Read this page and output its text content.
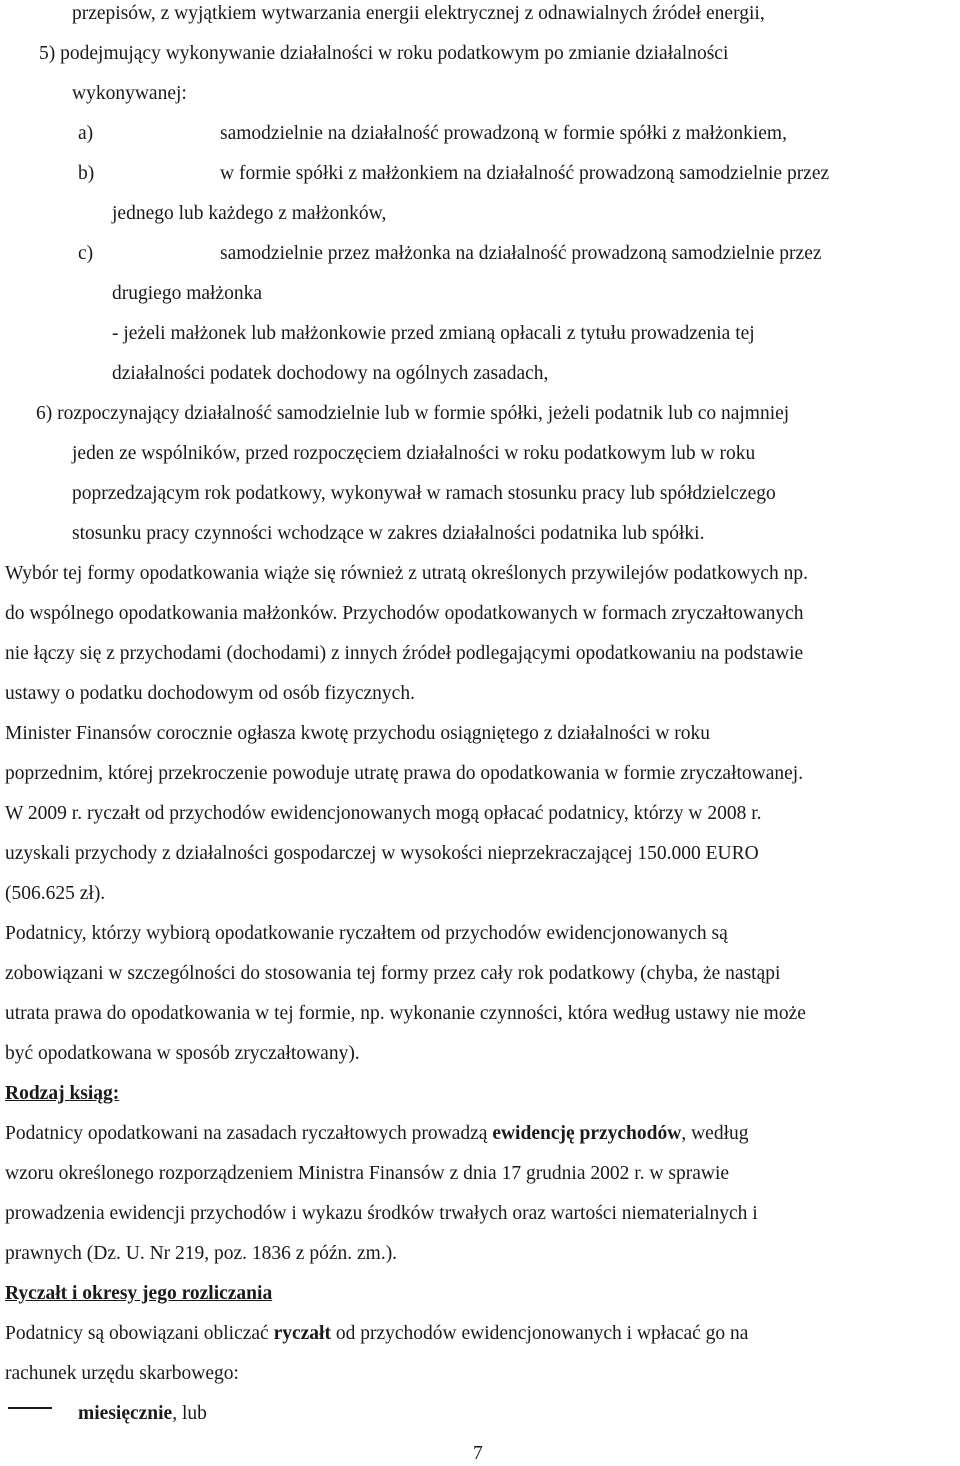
przepisów, z wyjątkiem wytwarzania energii elektrycznej z odnawialnych źródeł energii,
5) podejmujący wykonywanie działalności w roku podatkowym po zmianie działalności
wykonywanej:
a)	samodzielnie na działalność prowadzoną w formie spółki z małżonkiem,
b)	w formie spółki z małżonkiem na działalność prowadzoną samodzielnie przez
jednego lub każdego z małżonków,
c)	samodzielnie przez małżonka na działalność prowadzoną samodzielnie przez
drugiego małżonka
- jeżeli małżonek lub małżonkowie przed zmianą opłacali z tytułu prowadzenia tej
działalności podatek dochodowy na ogólnych zasadach,
6) rozpoczynający działalność samodzielnie lub w formie spółki, jeżeli podatnik lub co najmniej
jeden ze wspólników, przed rozpoczęciem działalności w roku podatkowym lub w roku
poprzedzającym rok podatkowy, wykonywał w ramach stosunku pracy lub spółdzielczego
stosunku pracy czynności wchodzące w zakres działalności podatnika lub spółki.
Wybór tej formy opodatkowania wiąże się również z utratą określonych przywilejów podatkowych np.
do wspólnego opodatkowania małżonków. Przychodów opodatkowanych w formach zryczałtowanych
nie łączy się z przychodami (dochodami) z innych źródeł podlegającymi opodatkowaniu na podstawie
ustawy o podatku dochodowym od osób fizycznych.
Minister Finansów corocznie ogłasza kwotę przychodu osiągniętego z działalności w roku
poprzednim, której przekroczenie powoduje utratę prawa do opodatkowania w formie zryczałtowanej.
W 2009 r. ryczałt od przychodów ewidencjonowanych mogą opłacać podatnicy, którzy w 2008 r.
uzyskali przychody z działalności gospodarczej w wysokości nieprzekraczającej 150.000 EURO
(506.625 zł).
Podatnicy, którzy wybiorą opodatkowanie ryczałtem od przychodów ewidencjonowanych są
zobowiązani w szczególności do stosowania tej formy przez cały rok podatkowy (chyba, że nastąpi
utrata prawa do opodatkowania w tej formie, np. wykonanie czynności, która według ustawy nie może
być opodatkowana w sposób zryczałtowany).
Rodzaj ksiąg:
Podatnicy opodatkowani na zasadach ryczałtowych prowadzą ewidencję przychodów, według
wzoru określonego rozporządzeniem Ministra Finansów z dnia 17 grudnia 2002 r. w sprawie
prowadzenia ewidencji przychodów i wykazu środków trwałych oraz wartości niematerialnych i
prawnych (Dz. U. Nr 219, poz. 1836 z późn. zm.).
Ryczałt i okresy jego rozliczania
Podatnicy są obowiązani obliczać ryczałt od przychodów ewidencjonowanych i wpłacać go na
rachunek urzędu skarbowego:
miesięcznie, lub
7
